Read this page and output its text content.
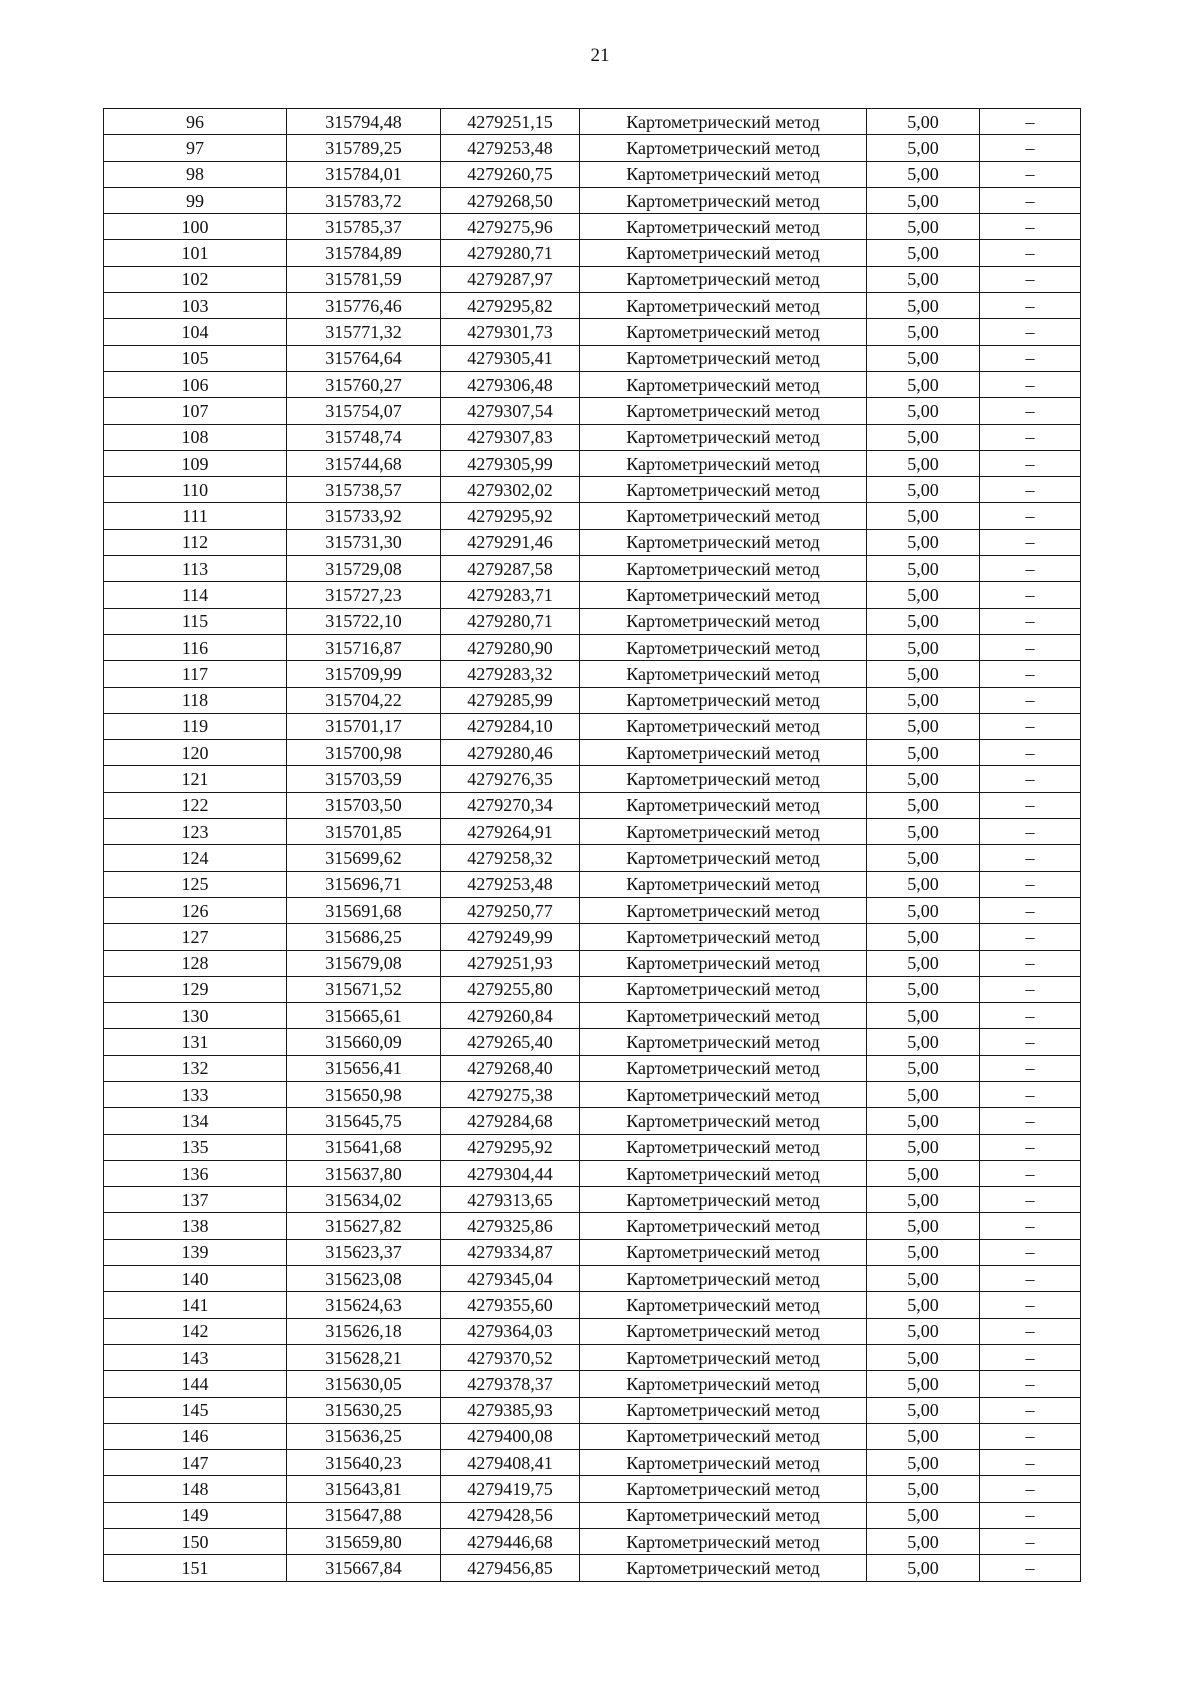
21
96	315794,48	4279251,15	Картометрический метод	5,00	–
97	315789,25	4279253,48	Картометрический метод	5,00	–
98	315784,01	4279260,75	Картометрический метод	5,00	–
99	315783,72	4279268,50	Картометрический метод	5,00	–
100	315785,37	4279275,96	Картометрический метод	5,00	–
101	315784,89	4279280,71	Картометрический метод	5,00	–
102	315781,59	4279287,97	Картометрический метод	5,00	–
103	315776,46	4279295,82	Картометрический метод	5,00	–
104	315771,32	4279301,73	Картометрический метод	5,00	–
105	315764,64	4279305,41	Картометрический метод	5,00	–
106	315760,27	4279306,48	Картометрический метод	5,00	–
107	315754,07	4279307,54	Картометрический метод	5,00	–
108	315748,74	4279307,83	Картометрический метод	5,00	–
109	315744,68	4279305,99	Картометрический метод	5,00	–
110	315738,57	4279302,02	Картометрический метод	5,00	–
111	315733,92	4279295,92	Картометрический метод	5,00	–
112	315731,30	4279291,46	Картометрический метод	5,00	–
113	315729,08	4279287,58	Картометрический метод	5,00	–
114	315727,23	4279283,71	Картометрический метод	5,00	–
115	315722,10	4279280,71	Картометрический метод	5,00	–
116	315716,87	4279280,90	Картометрический метод	5,00	–
117	315709,99	4279283,32	Картометрический метод	5,00	–
118	315704,22	4279285,99	Картометрический метод	5,00	–
119	315701,17	4279284,10	Картометрический метод	5,00	–
120	315700,98	4279280,46	Картометрический метод	5,00	–
121	315703,59	4279276,35	Картометрический метод	5,00	–
122	315703,50	4279270,34	Картометрический метод	5,00	–
123	315701,85	4279264,91	Картометрический метод	5,00	–
124	315699,62	4279258,32	Картометрический метод	5,00	–
125	315696,71	4279253,48	Картометрический метод	5,00	–
126	315691,68	4279250,77	Картометрический метод	5,00	–
127	315686,25	4279249,99	Картометрический метод	5,00	–
128	315679,08	4279251,93	Картометрический метод	5,00	–
129	315671,52	4279255,80	Картометрический метод	5,00	–
130	315665,61	4279260,84	Картометрический метод	5,00	–
131	315660,09	4279265,40	Картометрический метод	5,00	–
132	315656,41	4279268,40	Картометрический метод	5,00	–
133	315650,98	4279275,38	Картометрический метод	5,00	–
134	315645,75	4279284,68	Картометрический метод	5,00	–
135	315641,68	4279295,92	Картометрический метод	5,00	–
136	315637,80	4279304,44	Картометрический метод	5,00	–
137	315634,02	4279313,65	Картометрический метод	5,00	–
138	315627,82	4279325,86	Картометрический метод	5,00	–
139	315623,37	4279334,87	Картометрический метод	5,00	–
140	315623,08	4279345,04	Картометрический метод	5,00	–
141	315624,63	4279355,60	Картометрический метод	5,00	–
142	315626,18	4279364,03	Картометрический метод	5,00	–
143	315628,21	4279370,52	Картометрический метод	5,00	–
144	315630,05	4279378,37	Картометрический метод	5,00	–
145	315630,25	4279385,93	Картометрический метод	5,00	–
146	315636,25	4279400,08	Картометрический метод	5,00	–
147	315640,23	4279408,41	Картометрический метод	5,00	–
148	315643,81	4279419,75	Картометрический метод	5,00	–
149	315647,88	4279428,56	Картометрический метод	5,00	–
150	315659,80	4279446,68	Картометрический метод	5,00	–
151	315667,84	4279456,85	Картометрический метод	5,00	–
